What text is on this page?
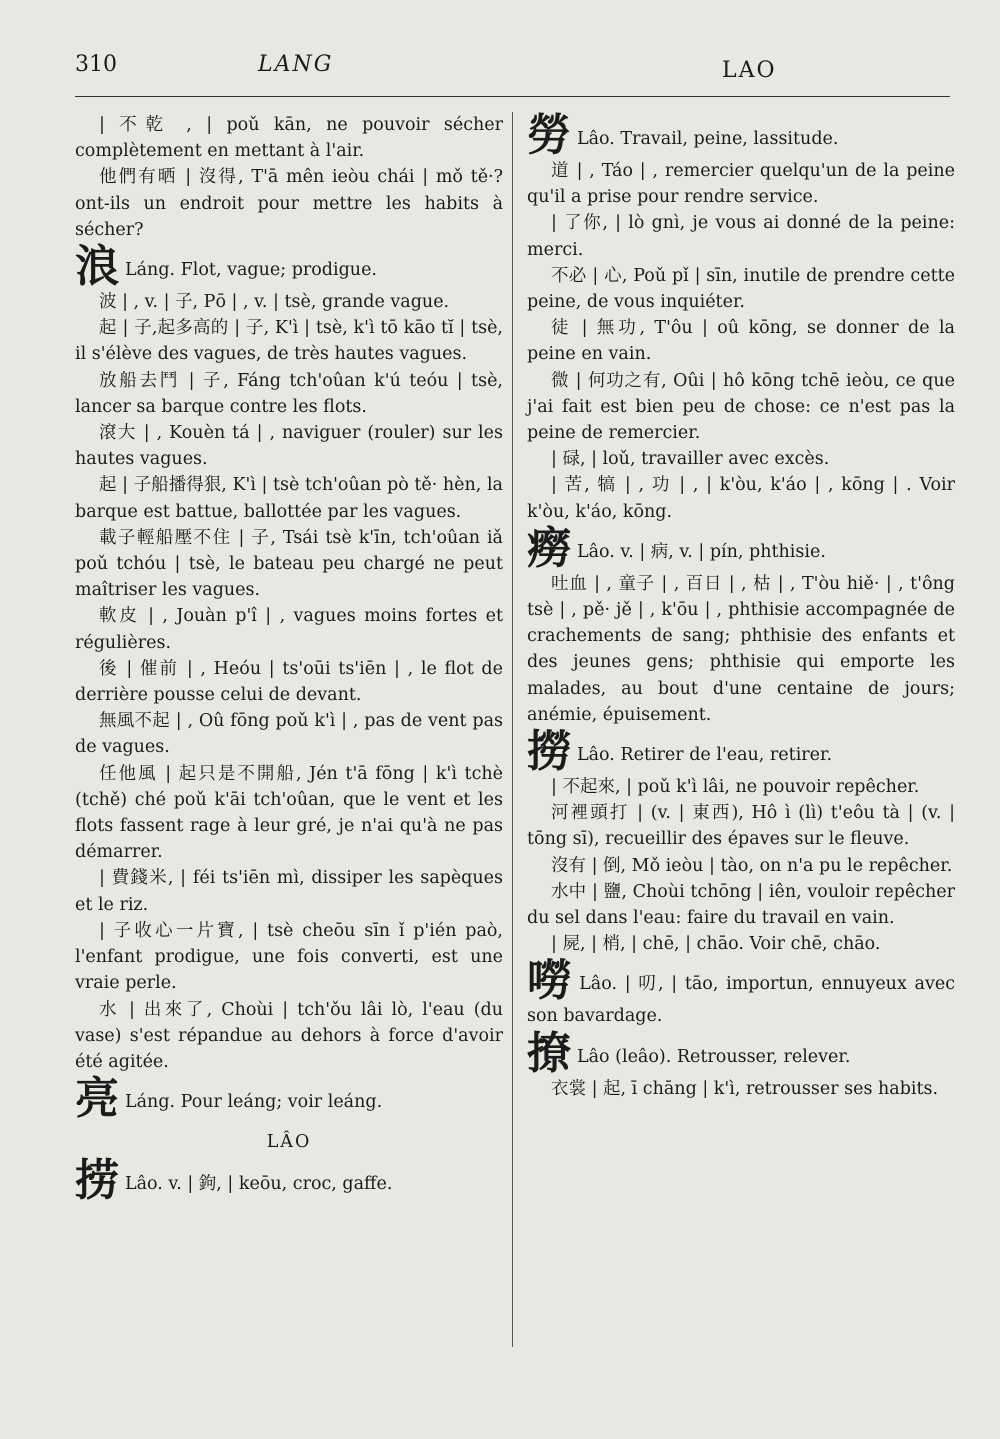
310	LANG	LAO

| 不乾 , | poǔ kān, ne pouvoir sécher complètement en mettant à l'air.

他們有晒 | 沒得, T'ā mên ieòu chái | mǒ tě·? ont-ils un endroit pour mettre les habits à sécher?

浪 Láng. Flot, vague; prodigue.

波 | , v. | 子, Pō | , v. | tsè, grande vague.

起 | 子,起多高的 | 子, K'ì | tsè, k'ì tō kāo tĭ | tsè, il s'élève des vagues, de très hautes vagues.

放船去鬥 | 子, Fáng tch'oûan k'ú teóu | tsè, lancer sa barque contre les flots.

滾大 | , Kouèn tá | , naviguer (rouler) sur les hautes vagues.

起 | 子船播得狠, K'ì | tsè tch'oûan pò tě· hèn, la barque est battue, ballottée par les vagues.

載子輕船壓不住 | 子, Tsái tsè k'īn, tch'oûan iǎ poǔ tchóu | tsè, le bateau peu chargé ne peut maîtriser les vagues.

軟皮 | , Jouàn p'î | , vagues moins fortes et régulières.

後 | 催前 | , Heóu | ts'oūi ts'iēn | , le flot de derrière pousse celui de devant.

無風不起 | , Oû fōng poǔ k'ì | , pas de vent pas de vagues.

任他風 | 起只是不開船, Jén t'ā fōng | k'ì tchè (tchě) ché poǔ k'āi tch'oûan, que le vent et les flots fassent rage à leur gré, je n'ai qu'à ne pas démarrer.

| 費錢米, | féi ts'iēn mì, dissiper les sapèques et le riz.

| 子收心一片寶, | tsè cheōu sīn ǐ p'ién paò, l'enfant prodigue, une fois converti, est une vraie perle.

水 | 出來了, Choùi | tch'ǒu lâi lò, l'eau (du vase) s'est répandue au dehors à force d'avoir été agitée.

亮 Láng. Pour leáng; voir leáng.

LÂO

捞 Lâo. v. | 鉤, | keōu, croc, gaffe.

勞 Lâo. Travail, peine, lassitude.

道 | , Táo | , remercier quelqu'un de la peine qu'il a prise pour rendre service.

| 了你, | lò gnì, je vous ai donné de la peine: merci.

不必 | 心, Poǔ pǐ | sīn, inutile de prendre cette peine, de vous inquiéter.

徒 | 無功, T'ôu | oû kōng, se donner de la peine en vain.

微 | 何功之有, Oûi | hô kōng tchē ieòu, ce que j'ai fait est bien peu de chose: ce n'est pas la peine de remercier.

| 碌, | loǔ, travailler avec excès.

| 苦, 犒 | , 功 | , | k'òu, k'áo | , kōng | . Voir k'òu, k'áo, kōng.

癆 Lâo. v. | 病, v. | pín, phthisie.

吐血 | , 童子 | , 百日 | , 枯 | , T'òu hiě· | , t'ông tsè | , pě· jě | , k'ōu | , phthisie accompagnée de crachements de sang; phthisie des enfants et des jeunes gens; phthisie qui emporte les malades, au bout d'une centaine de jours; anémie, épuisement.

撈 Lâo. Retirer de l'eau, retirer.

| 不起來, | poǔ k'ì lâi, ne pouvoir repêcher.

河裡頭打 | (v. | 東西), Hô ì (lì) t'eôu tà | (v. | tōng sī), recueillir des épaves sur le fleuve.

沒有 | 倒, Mǒ ieòu | tào, on n'a pu le repêcher.

水中 | 鹽, Choùi tchōng | iên, vouloir repêcher du sel dans l'eau: faire du travail en vain.

| 屍, | 梢, | chē, | chāo. Voir chē, chāo.

嘮 Lâo. | 叨, | tāo, importun, ennuyeux avec son bavardage.

撩 Lâo (leâo). Retrousser, relever.

衣裳 | 起, ī chāng | k'ì, retrousser ses habits.
